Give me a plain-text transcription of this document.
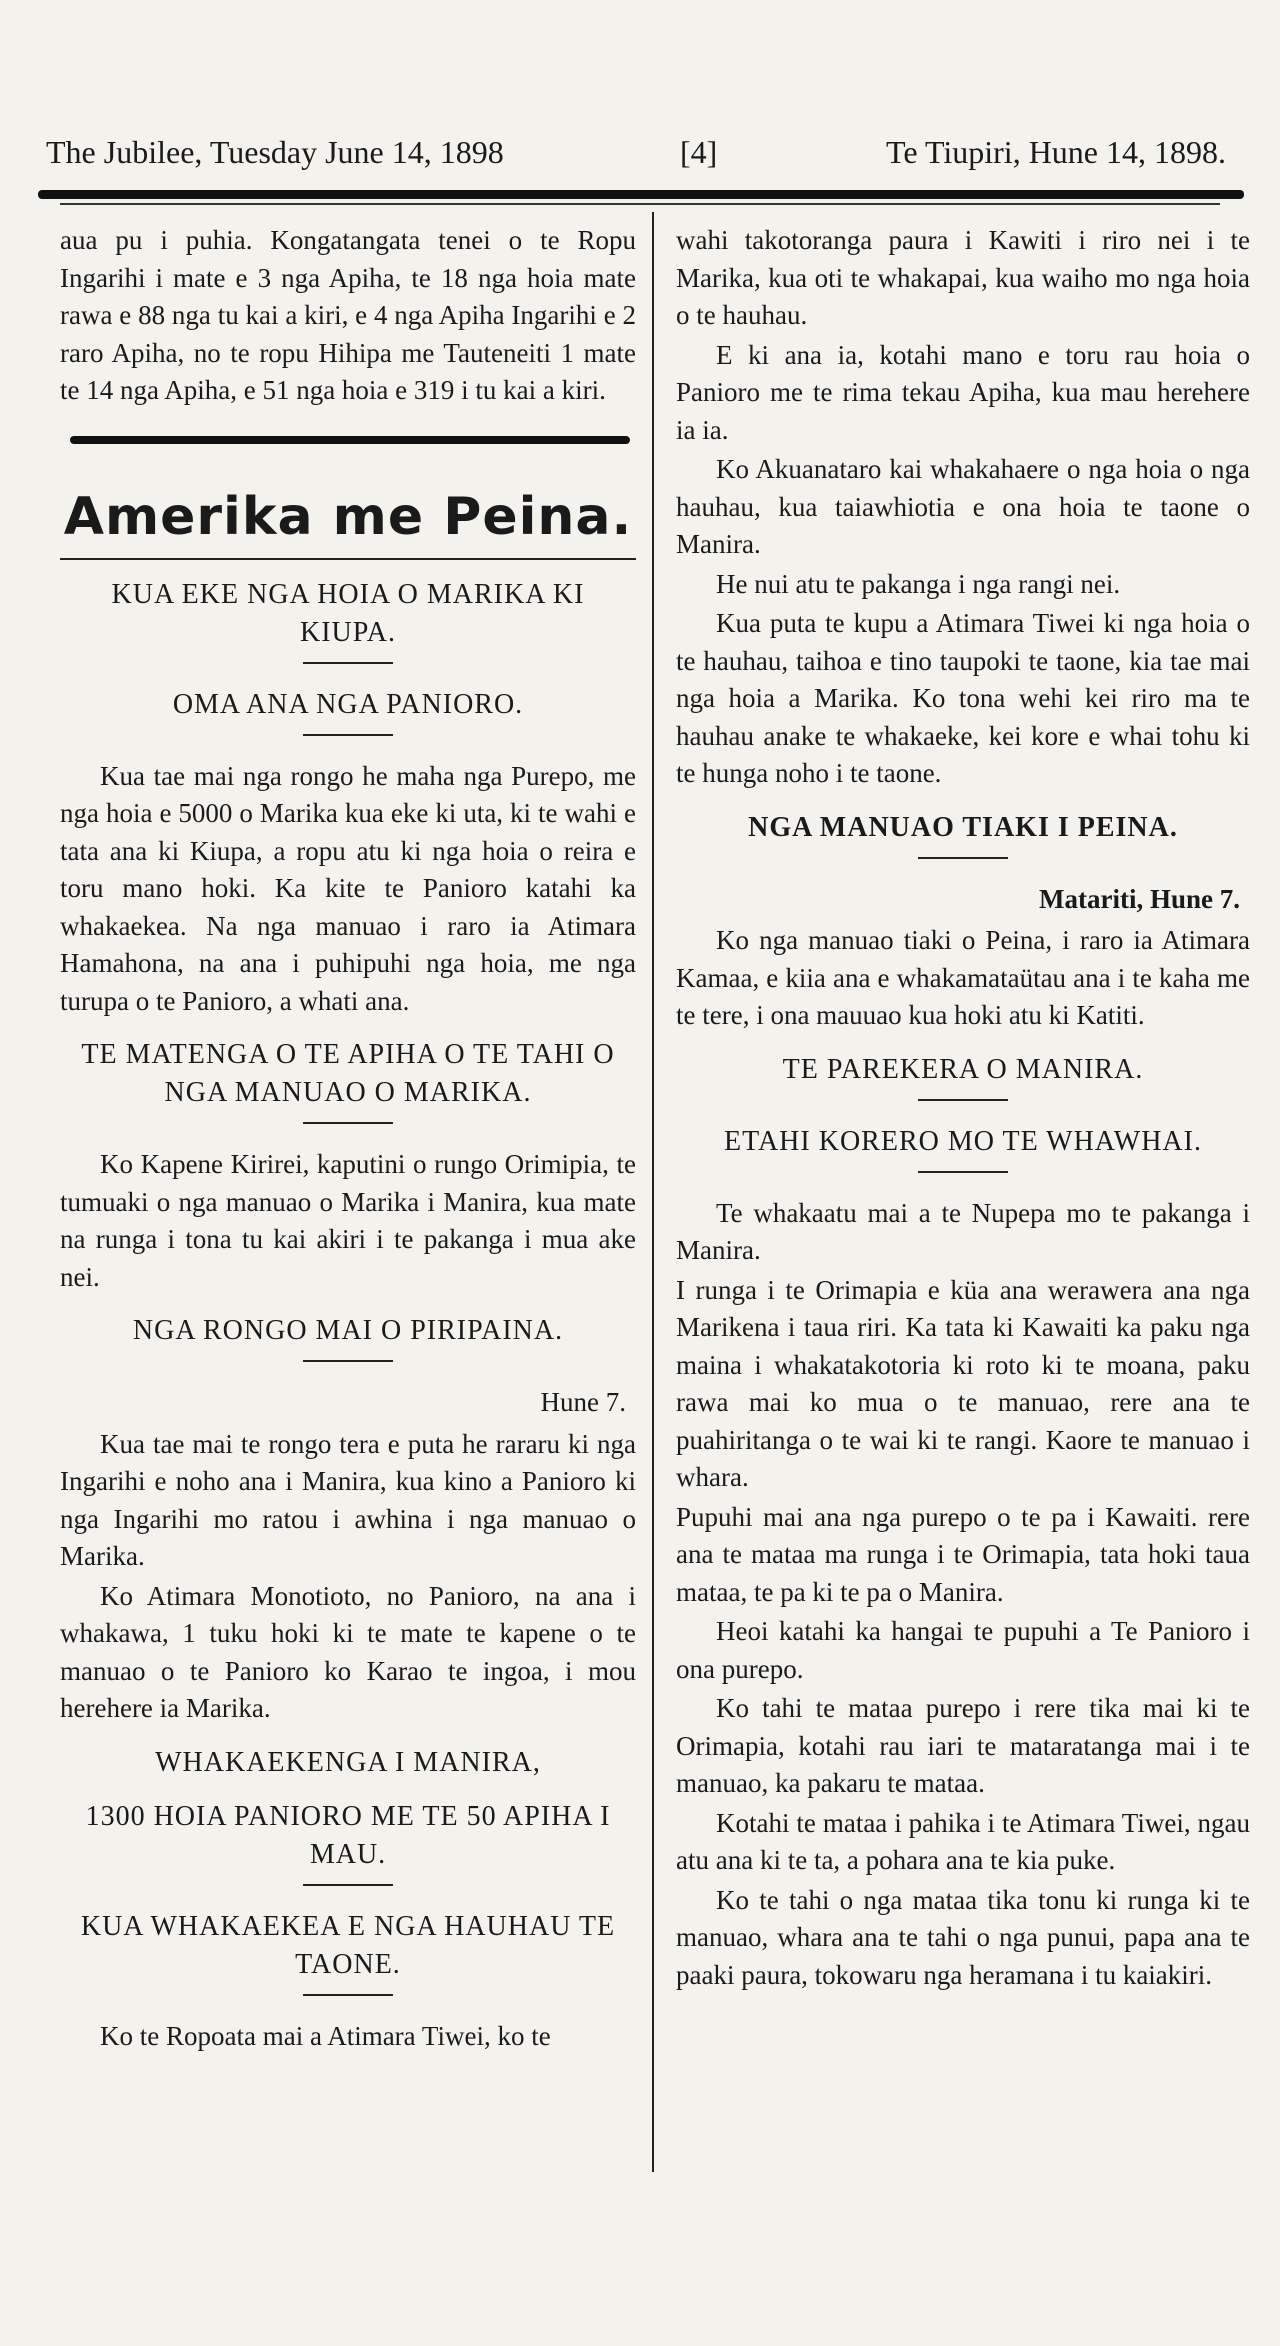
The Jubilee, Tuesday June 14, 1898	[4]	Te Tiupiri, Hune 14, 1898.

aua pu i puhia. Kongatangata tenei o te Ropu Ingarihi i mate e 3 nga Apiha, te 18 nga hoia mate rawa e 88 nga tu kai a kiri, e 4 nga Apiha Ingarihi e 2 raro Apiha, no te ropu Hihipa me Tauteneiti 1 mate te 14 nga Apiha, e 51 nga hoia e 319 i tu kai a kiri.

Amerika me Peina.
KUA EKE NGA HOIA O MARIKA KI KIUPA.
OMA ANA NGA PANIORO.

Kua tae mai nga rongo he maha nga Purepo, me nga hoia e 5000 o Marika kua eke ki uta, ki te wahi e tata ana ki Kiupa, a ropu atu ki nga hoia o reira e toru mano hoki. Ka kite te Panioro katahi ka whakaekea. Na nga manuao i raro ia Atimara Hamahona, na ana i puhipuhi nga hoia, me nga turupa o te Panioro, a whati ana.

TE MATENGA O TE APIHA O TE TAHI O NGA MANUAO O MARIKA.

Ko Kapene Kirirei, kaputini o rungo Orimipia, te tumuaki o nga manuao o Marika i Manira, kua mate na runga i tona tu kai akiri i te pakanga i mua ake nei.

NGA RONGO MAI O PIRIPAINA.
Hune 7.

Kua tae mai te rongo tera e puta he rararu ki nga Ingarihi e noho ana i Manira, kua kino a Panioro ki nga Ingarihi mo ratou i awhina i nga manuao o Marika.

Ko Atimara Monotioto, no Panioro, na ana i whakawa, 1 tuku hoki ki te mate te kapene o te manuao o te Panioro ko Karao te ingoa, i mou herehere ia Marika.

WHAKAEKENGA I MANIRA,
1300 HOIA PANIORO ME TE 50 APIHA I MAU.
KUA WHAKAEKEA E NGA HAUHAU TE TAONE.

Ko te Ropoata mai a Atimara Tiwei, ko te

wahi takotoranga paura i Kawiti i riro nei i te Marika, kua oti te whakapai, kua waiho mo nga hoia o te hauhau.

E ki ana ia, kotahi mano e toru rau hoia o Panioro me te rima tekau Apiha, kua mau herehere ia ia.

Ko Akuanataro kai whakahaere o nga hoia o nga hauhau, kua taiawhiotia e ona hoia te taone o Manira.

He nui atu te pakanga i nga rangi nei.

Kua puta te kupu a Atimara Tiwei ki nga hoia o te hauhau, taihoa e tino taupoki te taone, kia tae mai nga hoia a Marika. Ko tona wehi kei riro ma te hauhau anake te whakaeke, kei kore e whai tohu ki te hunga noho i te taone.

NGA MANUAO TIAKI I PEINA.
Matariti, Hune 7.

Ko nga manuao tiaki o Peina, i raro ia Atimara Kamaa, e kiia ana e whakamataütau ana i te kaha me te tere, i ona mauuao kua hoki atu ki Katiti.

TE PAREKERA O MANIRA.
ETAHI KORERO MO TE WHAWHAI.

Te whakaatu mai a te Nupepa mo te pakanga i Manira.

I runga i te Orimapia e küa ana werawera ana nga Marikena i taua riri. Ka tata ki Kawaiti ka paku nga maina i whakatakotoria ki roto ki te moana, paku rawa mai ko mua o te manuao, rere ana te puahiritanga o te wai ki te rangi. Kaore te manuao i whara.

Pupuhi mai ana nga purepo o te pa i Kawaiti. rere ana te mataa ma runga i te Orimapia, tata hoki taua mataa, te pa ki te pa o Manira.

Heoi katahi ka hangai te pupuhi a Te Panioro i ona purepo.

Ko tahi te mataa purepo i rere tika mai ki te Orimapia, kotahi rau iari te mataratanga mai i te manuao, ka pakaru te mataa.

Kotahi te mataa i pahika i te Atimara Tiwei, ngau atu ana ki te ta, a pohara ana te kia puke.

Ko te tahi o nga mataa tika tonu ki runga ki te manuao, whara ana te tahi o nga punui, papa ana te paaki paura, tokowaru nga heramana i tu kaiakiri.
